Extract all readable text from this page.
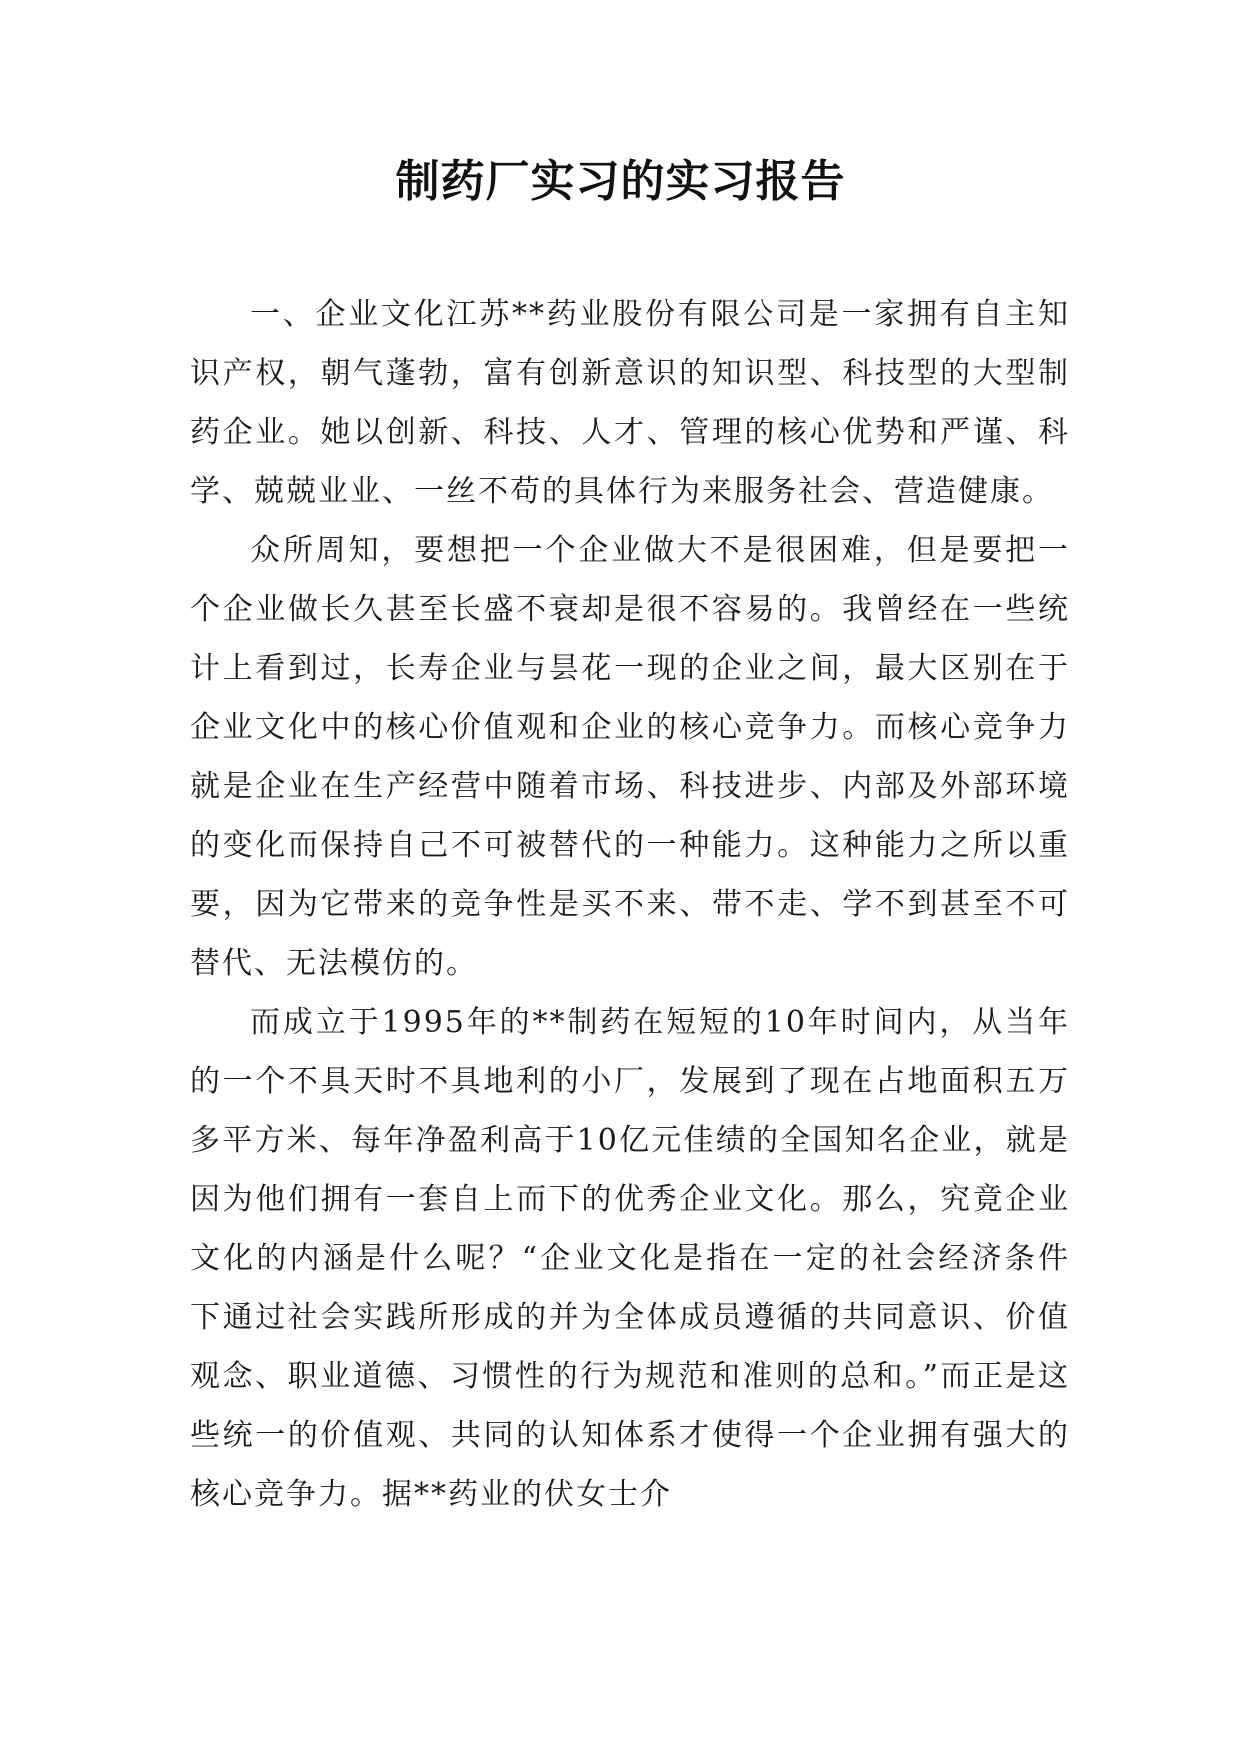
制药厂实习的实习报告

一、企业文化江苏**药业股份有限公司是一家拥有自主知识产权，朝气蓬勃，富有创新意识的知识型、科技型的大型制药企业。她以创新、科技、人才、管理的核心优势和严谨、科学、兢兢业业、一丝不苟的具体行为来服务社会、营造健康。

众所周知，要想把一个企业做大不是很困难，但是要把一个企业做长久甚至长盛不衰却是很不容易的。我曾经在一些统计上看到过，长寿企业与昙花一现的企业之间，最大区别在于企业文化中的核心价值观和企业的核心竞争力。而核心竞争力就是企业在生产经营中随着市场、科技进步、内部及外部环境的变化而保持自己不可被替代的一种能力。这种能力之所以重要，因为它带来的竞争性是买不来、带不走、学不到甚至不可替代、无法模仿的。

而成立于1995年的**制药在短短的10年时间内，从当年的一个不具天时不具地利的小厂，发展到了现在占地面积五万多平方米、每年净盈利高于10亿元佳绩的全国知名企业，就是因为他们拥有一套自上而下的优秀企业文化。那么，究竟企业文化的内涵是什么呢？“企业文化是指在一定的社会经济条件下通过社会实践所形成的并为全体成员遵循的共同意识、价值观念、职业道德、习惯性的行为规范和准则的总和。”而正是这些统一的价值观、共同的认知体系才使得一个企业拥有强大的核心竞争力。据**药业的伏女士介
